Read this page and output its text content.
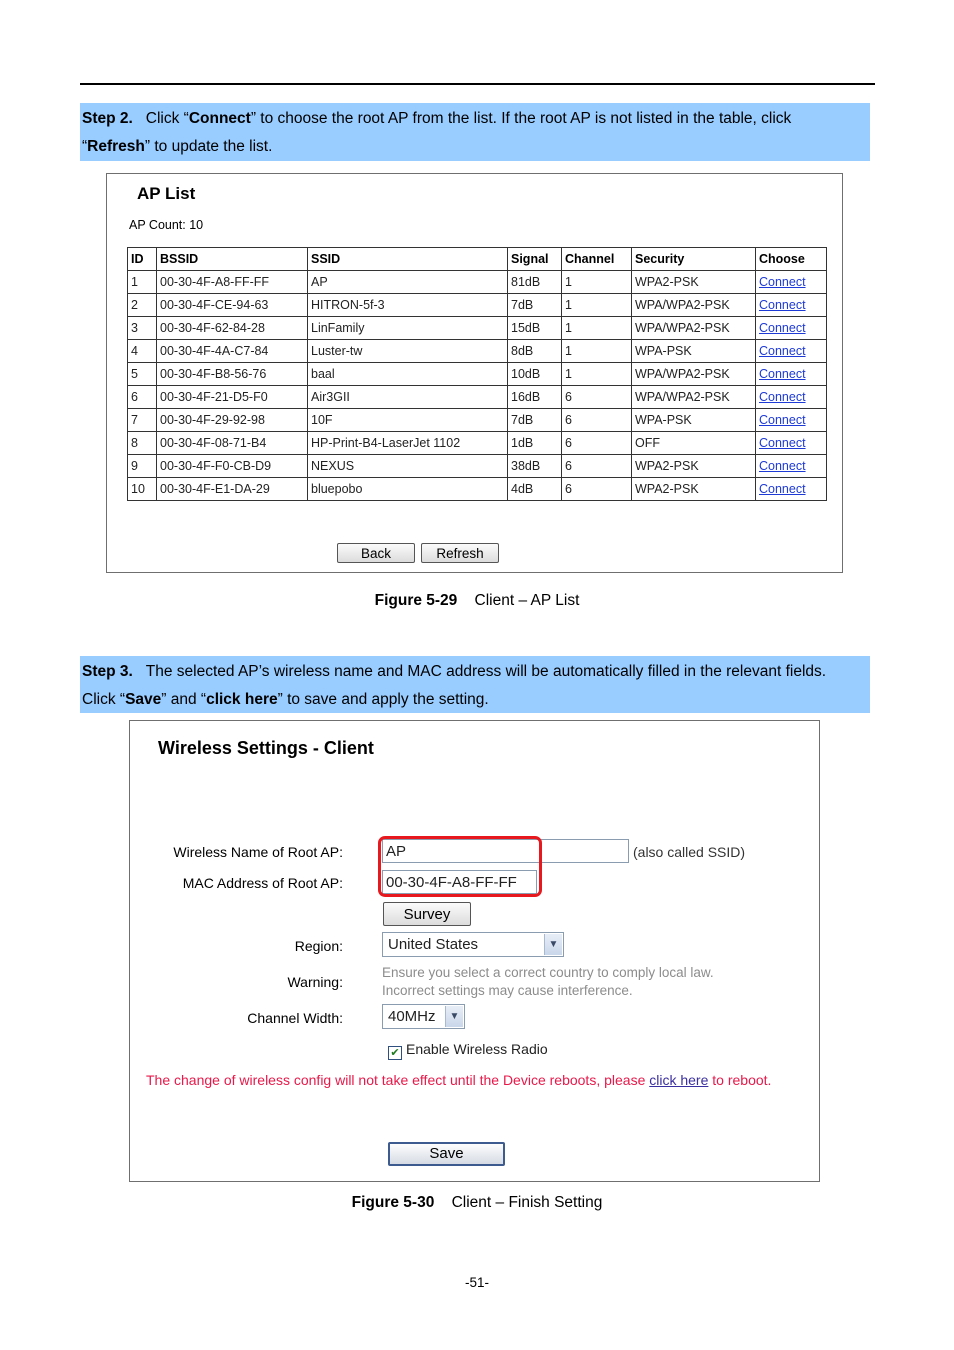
Step 2. Click “Connect” to choose the root AP from the list. If the root AP is not listed in the table, click
“Refresh” to update the list.
AP List
AP Count: 10
ID	BSSID	SSID	Signal	Channel	Security	Choose
1	00-30-4F-A8-FF-FF	AP	81dB	1	WPA2-PSK	Connect
2	00-30-4F-CE-94-63	HITRON-5f-3	7dB	1	WPA/WPA2-PSK	Connect
3	00-30-4F-62-84-28	LinFamily	15dB	1	WPA/WPA2-PSK	Connect
4	00-30-4F-4A-C7-84	Luster-tw	8dB	1	WPA-PSK	Connect
5	00-30-4F-B8-56-76	baal	10dB	1	WPA/WPA2-PSK	Connect
6	00-30-4F-21-D5-F0	Air3GII	16dB	6	WPA/WPA2-PSK	Connect
7	00-30-4F-29-92-98	10F	7dB	6	WPA-PSK	Connect
8	00-30-4F-08-71-B4	HP-Print-B4-LaserJet 1102	1dB	6	OFF	Connect
9	00-30-4F-F0-CB-D9	NEXUS	38dB	6	WPA2-PSK	Connect
10	00-30-4F-E1-DA-29	bluepobo	4dB	6	WPA2-PSK	Connect
Back	Refresh
Figure 5-29 Client – AP List
Step 3. The selected AP’s wireless name and MAC address will be automatically filled in the relevant fields.
Click “Save” and “click here” to save and apply the setting.
Wireless Settings - Client
Wireless Name of Root AP:
AP	(also called SSID)
MAC Address of Root AP:
00-30-4F-A8-FF-FF
Survey
Region:	United States	▼
Warning:
Ensure you select a correct country to comply local law.
Incorrect settings may cause interference.
Channel Width:	40MHz	▼
✔ Enable Wireless Radio
The change of wireless config will not take effect until the Device reboots, please click here to reboot.
Save
Figure 5-30 Client – Finish Setting
-51-
